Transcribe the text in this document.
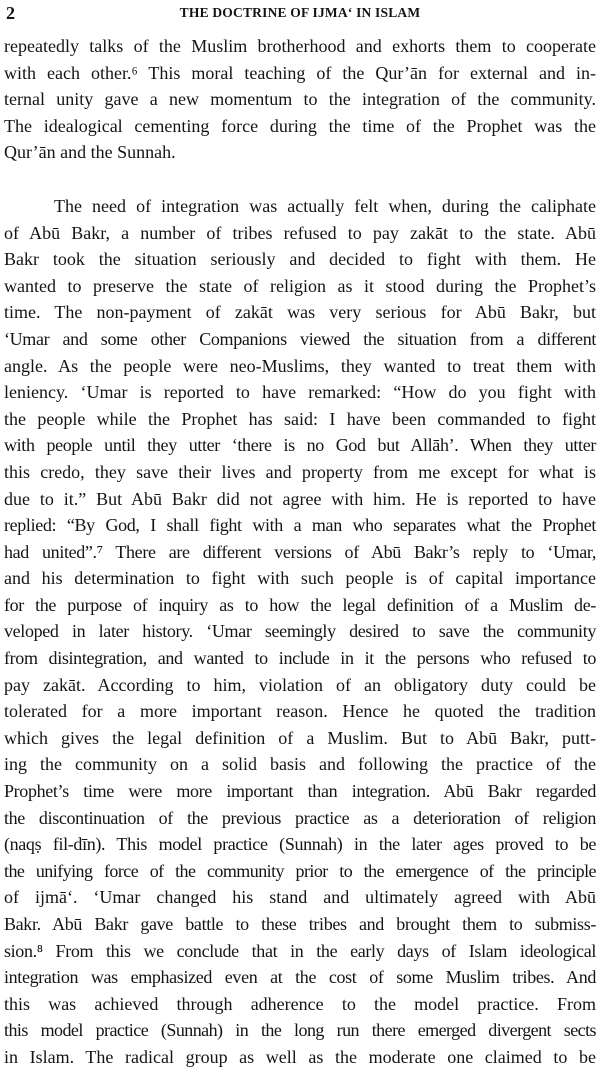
2	THE DOCTRINE OF IJMA‘ IN ISLAM

repeatedly talks of the Muslim brotherhood and exhorts them to cooperate
with each other.⁶ This moral teaching of the Qur’ān for external and in-
ternal unity gave a new momentum to the integration of the community.
The idealogical cementing force during the time of the Prophet was the
Qur’ān and the Sunnah.

The need of integration was actually felt when, during the caliphate
of Abū Bakr, a number of tribes refused to pay zakāt to the state. Abū
Bakr took the situation seriously and decided to fight with them. He
wanted to preserve the state of religion as it stood during the Prophet’s
time. The non-payment of zakāt was very serious for Abū Bakr, but
‘Umar and some other Companions viewed the situation from a different
angle. As the people were neo-Muslims, they wanted to treat them with
leniency. ‘Umar is reported to have remarked: “How do you fight with
the people while the Prophet has said: I have been commanded to fight
with people until they utter ‘there is no God but Allāh’. When they utter
this credo, they save their lives and property from me except for what is
due to it.” But Abū Bakr did not agree with him. He is reported to have
replied: “By God, I shall fight with a man who separates what the Prophet
had united”.⁷ There are different versions of Abū Bakr’s reply to ‘Umar,
and his determination to fight with such people is of capital importance
for the purpose of inquiry as to how the legal definition of a Muslim de-
veloped in later history. ‘Umar seemingly desired to save the community
from disintegration, and wanted to include in it the persons who refused to
pay zakāt. According to him, violation of an obligatory duty could be
tolerated for a more important reason. Hence he quoted the tradition
which gives the legal definition of a Muslim. But to Abū Bakr, putt-
ing the community on a solid basis and following the practice of the
Prophet’s time were more important than integration. Abū Bakr regarded
the discontinuation of the previous practice as a deterioration of religion
(naqṣ fil-dīn). This model practice (Sunnah) in the later ages proved to be
the unifying force of the community prior to the emergence of the principle
of ijmā‘. ‘Umar changed his stand and ultimately agreed with Abū
Bakr. Abū Bakr gave battle to these tribes and brought them to submiss-
sion.⁸ From this we conclude that in the early days of Islam ideological
integration was emphasized even at the cost of some Muslim tribes. And
this was achieved through adherence to the model practice. From
this model practice (Sunnah) in the long run there emerged divergent sects
in Islam. The radical group as well as the moderate one claimed to be
